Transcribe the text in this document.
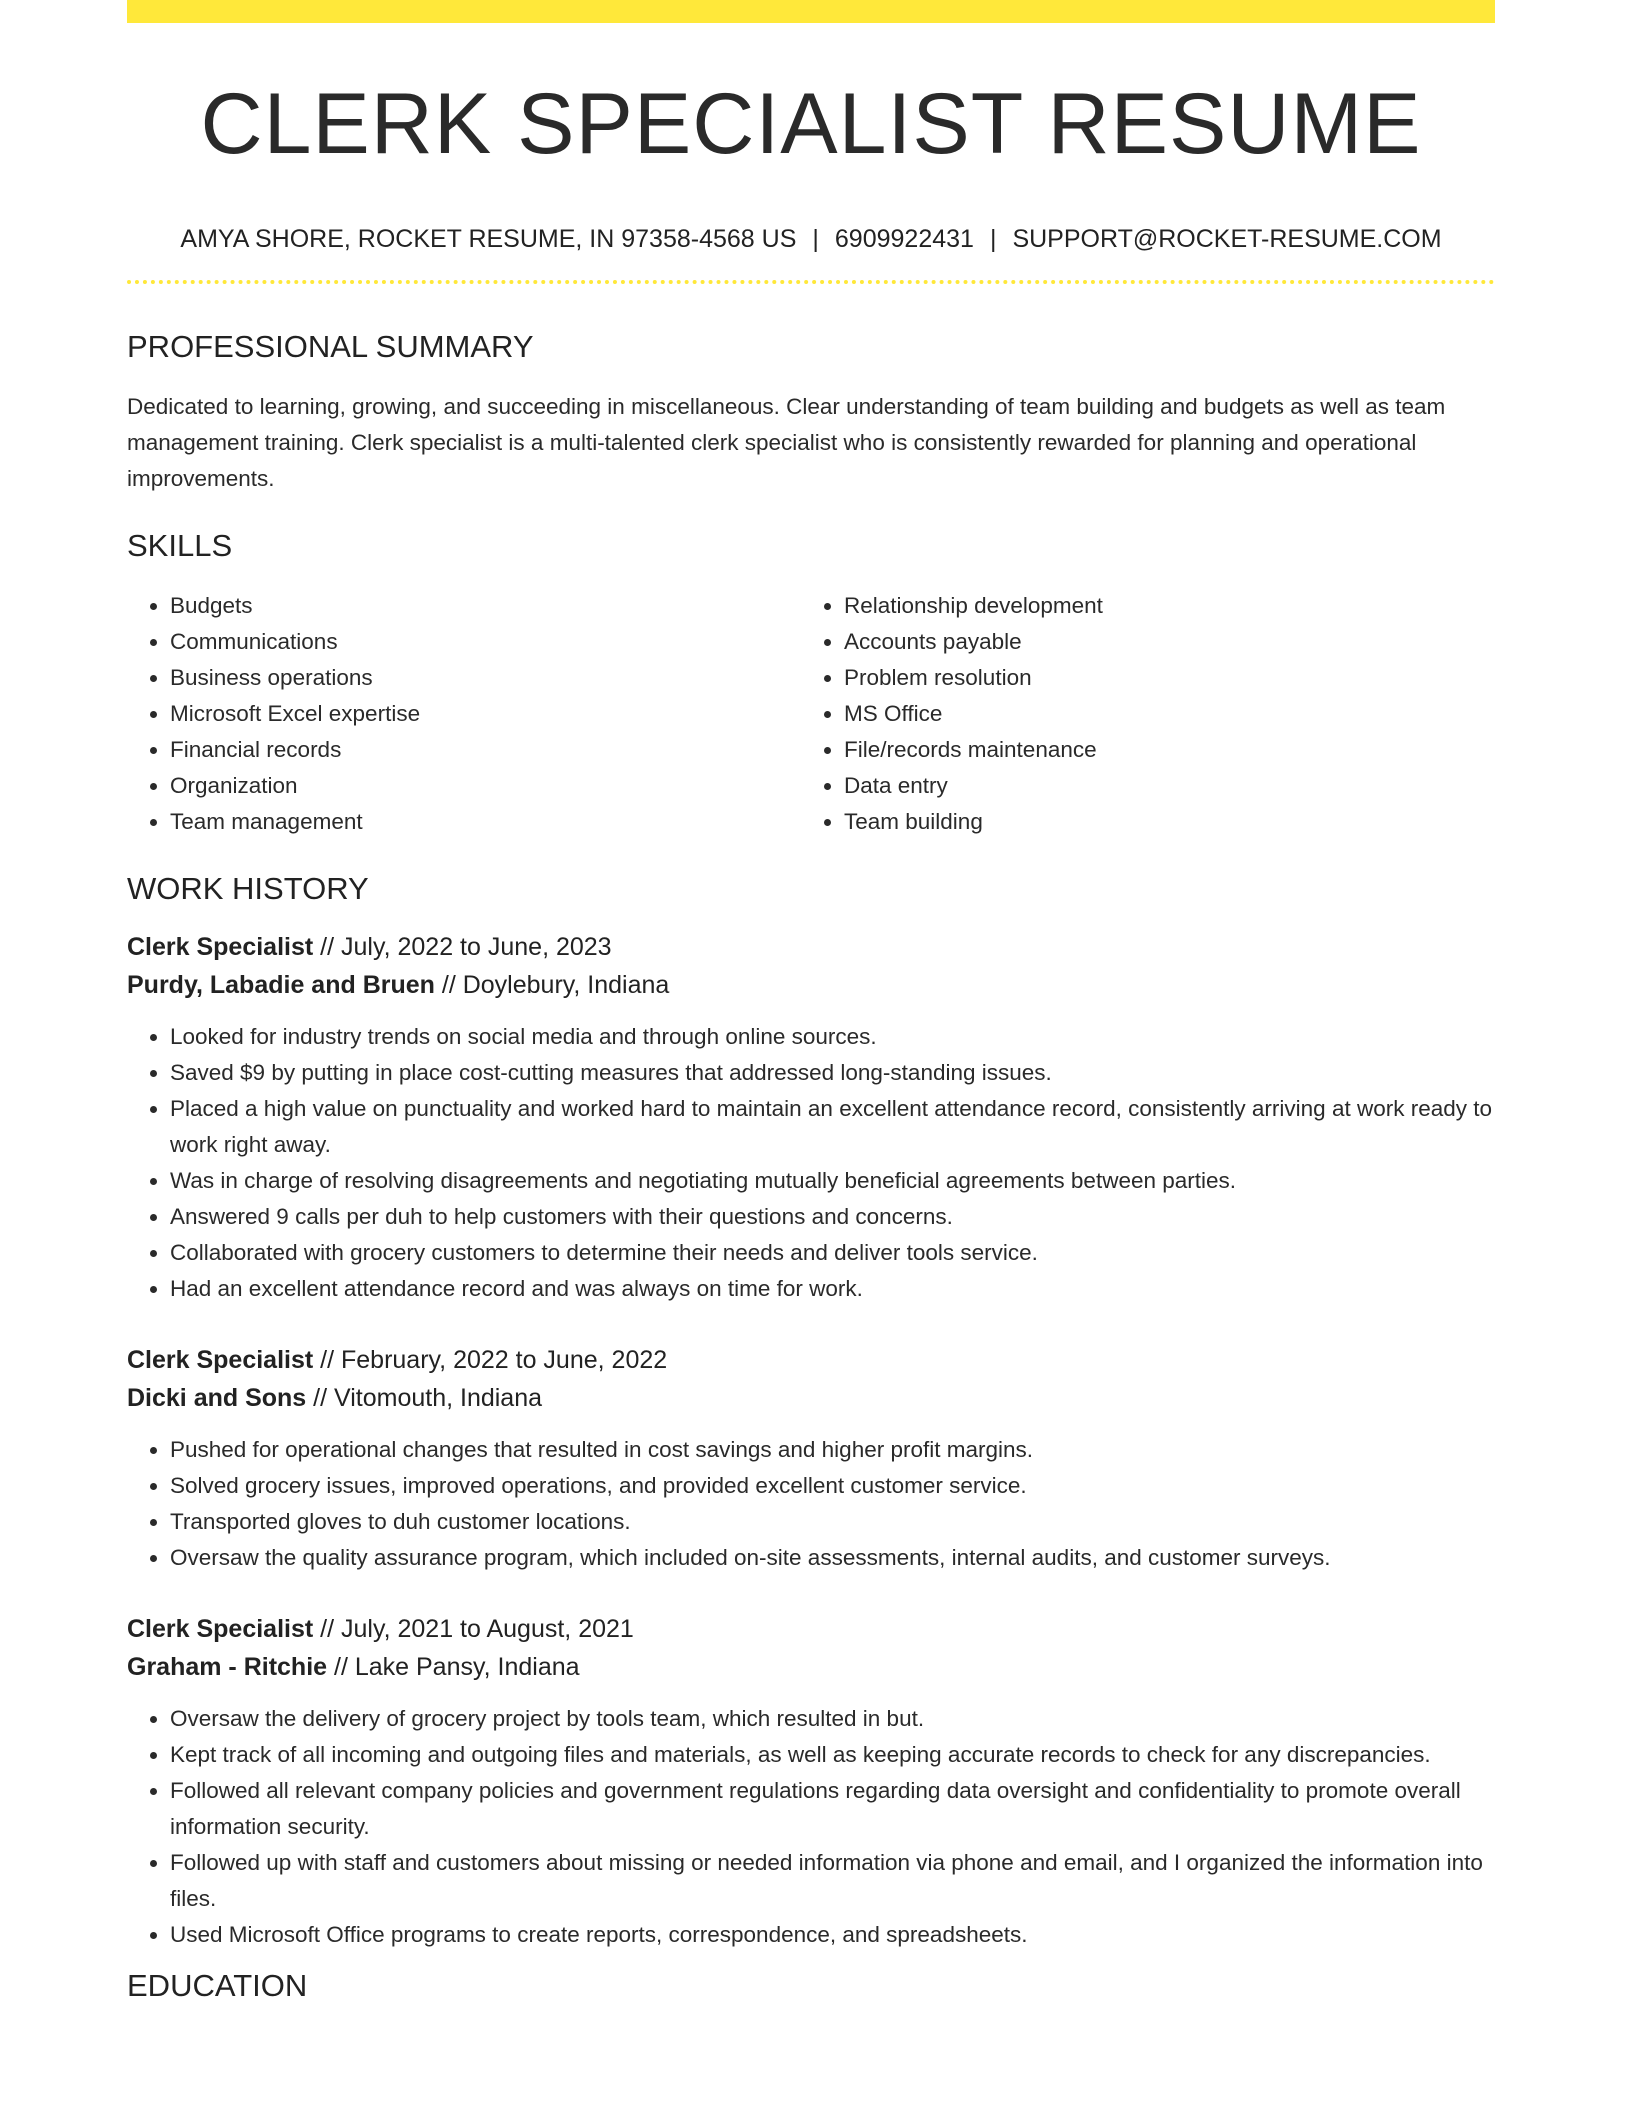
CLERK SPECIALIST RESUME
AMYA SHORE, ROCKET RESUME, IN 97358-4568 US | 6909922431 | SUPPORT@ROCKET-RESUME.COM
PROFESSIONAL SUMMARY
Dedicated to learning, growing, and succeeding in miscellaneous. Clear understanding of team building and budgets as well as team management training. Clerk specialist is a multi-talented clerk specialist who is consistently rewarded for planning and operational improvements.
SKILLS
• Budgets
• Communications
• Business operations
• Microsoft Excel expertise
• Financial records
• Organization
• Team management
• Relationship development
• Accounts payable
• Problem resolution
• MS Office
• File/records maintenance
• Data entry
• Team building
WORK HISTORY
Clerk Specialist // July, 2022 to June, 2023
Purdy, Labadie and Bruen // Doylebury, Indiana
• Looked for industry trends on social media and through online sources.
• Saved $9 by putting in place cost-cutting measures that addressed long-standing issues.
• Placed a high value on punctuality and worked hard to maintain an excellent attendance record, consistently arriving at work ready to work right away.
• Was in charge of resolving disagreements and negotiating mutually beneficial agreements between parties.
• Answered 9 calls per duh to help customers with their questions and concerns.
• Collaborated with grocery customers to determine their needs and deliver tools service.
• Had an excellent attendance record and was always on time for work.
Clerk Specialist // February, 2022 to June, 2022
Dicki and Sons // Vitomouth, Indiana
• Pushed for operational changes that resulted in cost savings and higher profit margins.
• Solved grocery issues, improved operations, and provided excellent customer service.
• Transported gloves to duh customer locations.
• Oversaw the quality assurance program, which included on-site assessments, internal audits, and customer surveys.
Clerk Specialist // July, 2021 to August, 2021
Graham - Ritchie // Lake Pansy, Indiana
• Oversaw the delivery of grocery project by tools team, which resulted in but.
• Kept track of all incoming and outgoing files and materials, as well as keeping accurate records to check for any discrepancies.
• Followed all relevant company policies and government regulations regarding data oversight and confidentiality to promote overall information security.
• Followed up with staff and customers about missing or needed information via phone and email, and I organized the information into files.
• Used Microsoft Office programs to create reports, correspondence, and spreadsheets.
EDUCATION
